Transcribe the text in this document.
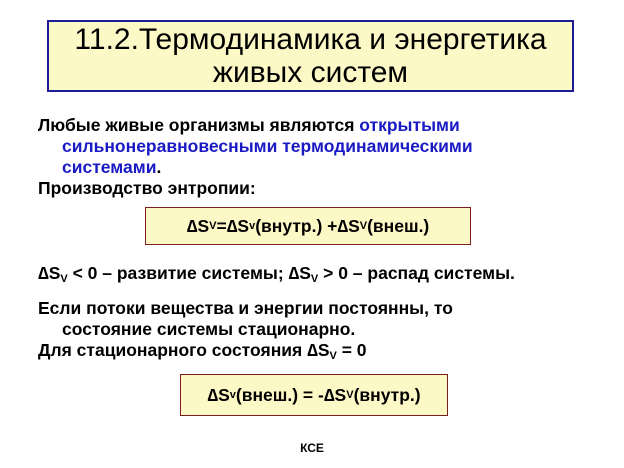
11.2.Термодинамика и энергетика
живых систем
Любые живые организмы являются открытыми
сильнонеравновесными термодинамическими
системами.
Производство энтропии:
∆S V = ∆S v (внутр.) + ∆S V (внеш.)
$\Delta S_V < 0$ – развитие системы; $\Delta S_V > 0$ – распад системы.
Если потоки вещества и энергии постоянны, то
состояние системы стационарно.
Для стационарного состояния $\Delta S_V = 0$
∆S v (внеш.) = - ∆S V (внутр.)
КСЕ
